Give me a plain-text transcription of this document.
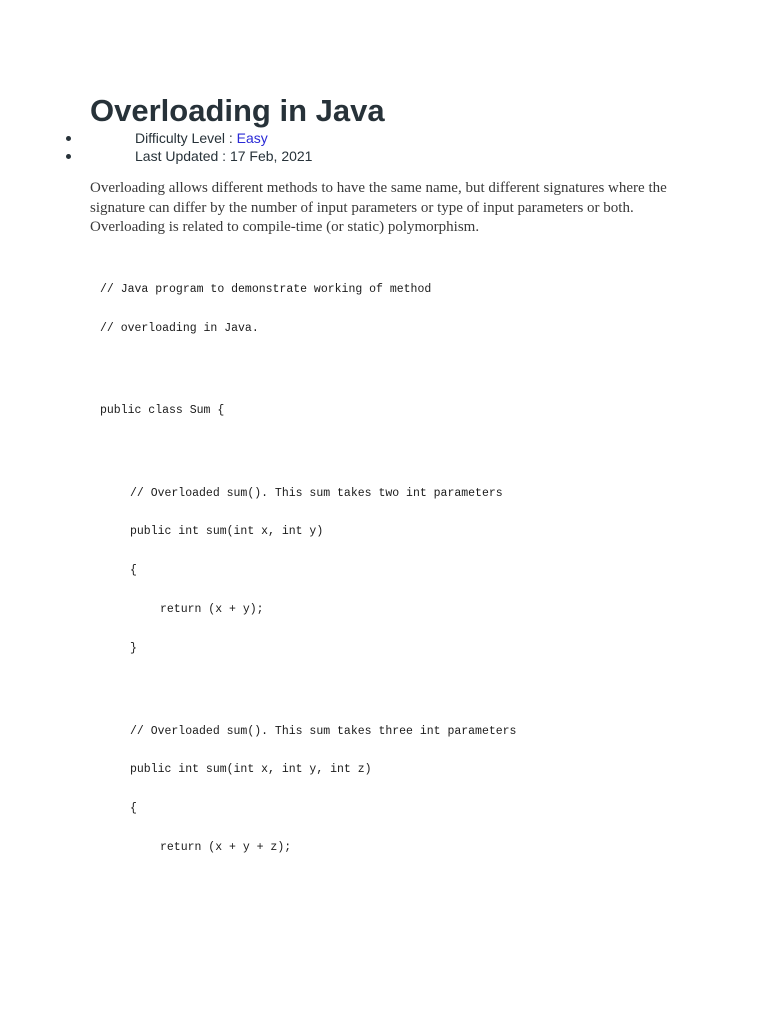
Overloading in Java
Difficulty Level : Easy
Last Updated : 17 Feb, 2021

Overloading allows different methods to have the same name, but different signatures where the signature can differ by the number of input parameters or type of input parameters or both. Overloading is related to compile-time (or static) polymorphism.

// Java program to demonstrate working of method
// overloading in Java.
public class Sum {
// Overloaded sum(). This sum takes two int parameters
public int sum(int x, int y)
{
return (x + y);
}
// Overloaded sum(). This sum takes three int parameters
public int sum(int x, int y, int z)
{
return (x + y + z);
